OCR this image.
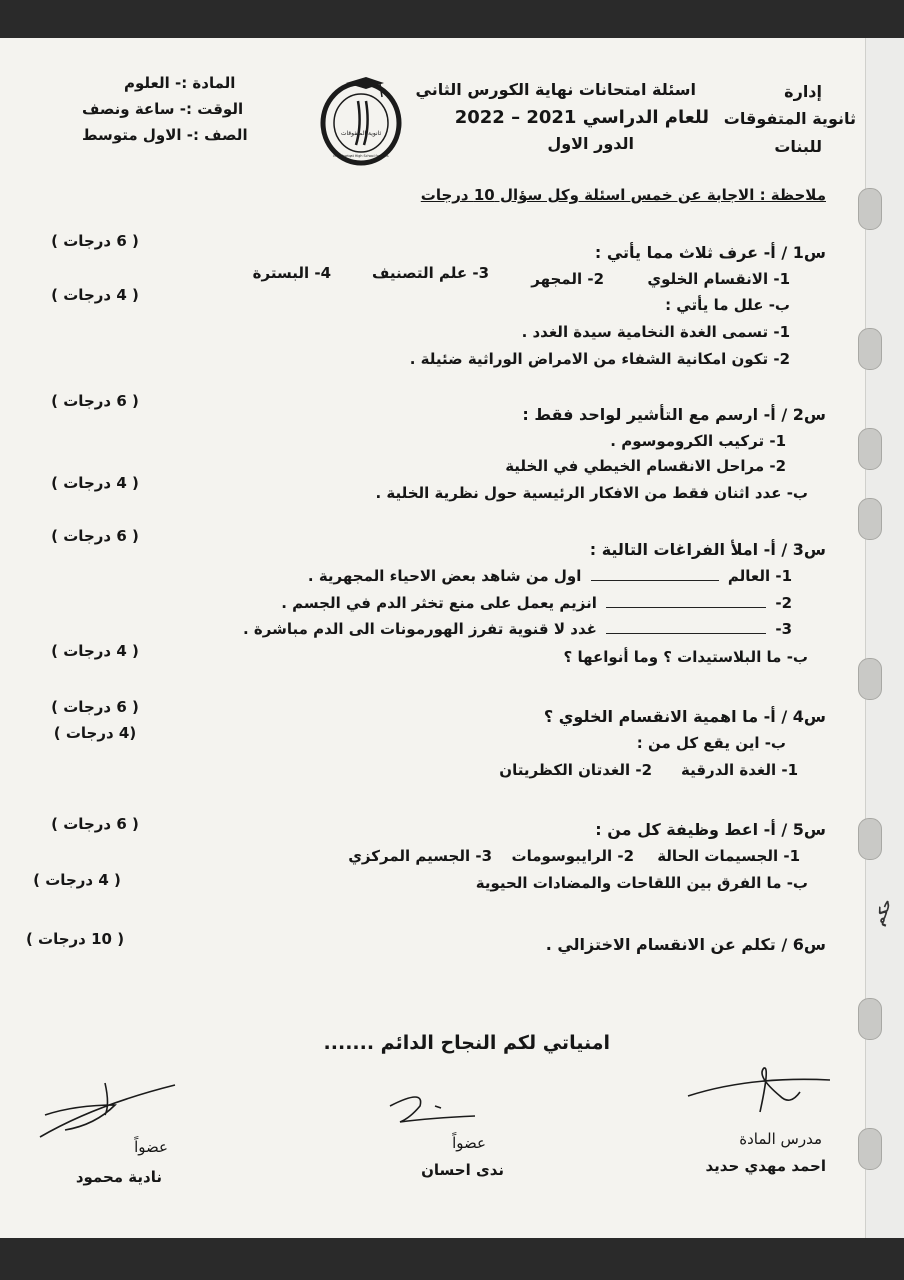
حكم
إدارة
ثانوية المتفوقات
للبنات
اسئلة امتحانات نهاية الكورس الثاني
للعام الدراسي 2021 – 2022
الدور الاول
ثانوية المتفوقات
Mutafawiqat High School for Girls
المادة :- العلوم
الوقت :- ساعة ونصف
الصف :- الاول متوسط
ملاحظة : الاجابة عن خمس اسئلة وكل سؤال 10 درجات
( 6 درجات )
س1 / أ- عرف ثلاث مما يأتي :
1- الانقسام الخلوي
2- المجهر
3- علم التصنيف
4- البسترة
( 4 درجات )
ب- علل ما يأتي :
1- تسمى الغدة النخامية سيدة الغدد .
2- تكون امكانية الشفاء من الامراض الوراثية ضئيلة .
( 6 درجات )
س2 / أ- ارسم مع التأشير لواحد فقط :
1- تركيب الكروموسوم .
2- مراحل الانقسام الخيطي في الخلية
( 4 درجات )
ب- عدد اثنان فقط من الافكار الرئيسية حول نظرية الخلية .
( 6 درجات )
س3 / أ- املأ الفراغات التالية :
1- العالم  اول من شاهد بعض الاحياء المجهرية .
2-  انزيم يعمل على منع تخثر الدم في الجسم .
3-  غدد لا قنوية تفرز الهورمونات الى الدم مباشرة .
( 4 درجات )	ب- ما البلاستيدات ؟ وما أنواعها ؟
( 6 درجات )	س4 / أ- ما اهمية الانقسام الخلوي ؟
(4 درجات )
ب- اين يقع كل من :
1- الغدة الدرقية
2- الغدتان الكظريتان
( 6 درجات )	س5 / أ- اعط وظيفة كل من :
1- الجسيمات الحالة
2- الرايبوسومات
3- الجسيم المركزي
( 4 درجات )	ب- ما الفرق بين اللقاحات والمضادات الحيوية
( 10 درجات )	س6 / تكلم عن الانقسام الاختزالي .
امنياتي لكم النجاح الدائم .......
مدرس المادة
احمد مهدي حديد
عضواً
ندى احسان
عضواً
نادية محمود
